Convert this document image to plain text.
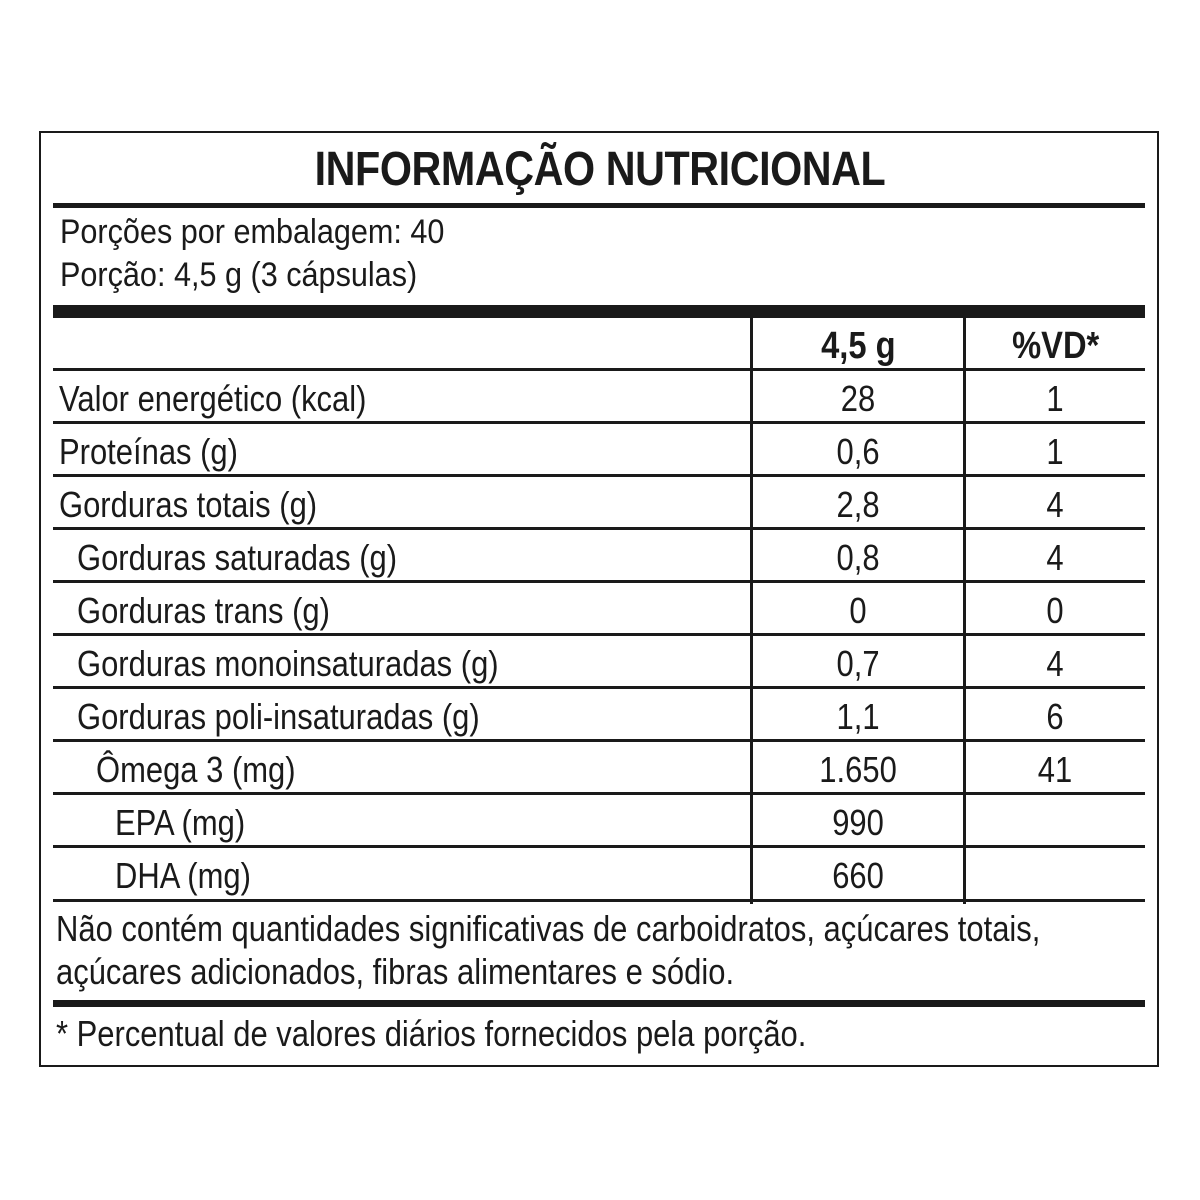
INFORMAÇÃO NUTRICIONAL
Porções por embalagem: 40
Porção: 4,5 g (3 cápsulas)
4,5 g	%VD*
Valor energético (kcal)	28	1
Proteínas (g)	0,6	1
Gorduras totais (g)	2,8	4
Gorduras saturadas (g)	0,8	4
Gorduras trans (g)	0	0
Gorduras monoinsaturadas (g)	0,7	4
Gorduras poli-insaturadas (g)	1,1	6
Ômega 3 (mg)	1.650	41
EPA (mg)	990
DHA (mg)	660
Não contém quantidades significativas de carboidratos, açúcares totais,
açúcares adicionados, fibras alimentares e sódio.
* Percentual de valores diários fornecidos pela porção.
